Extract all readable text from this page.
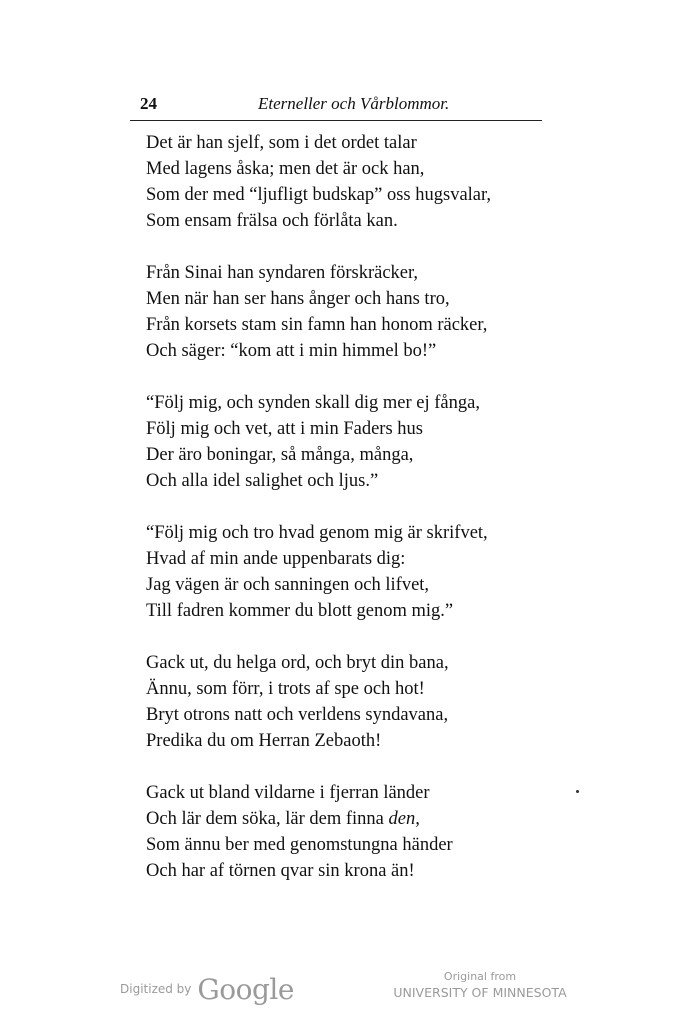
24	Eterneller och Vårblommor.
Det är han sjelf, som i det ordet talar
Med lagens åska; men det är ock han,
Som der med “ljufligt budskap” oss hugsvalar,
Som ensam frälsa och förlåta kan.
Från Sinai han syndaren förskräcker,
Men när han ser hans ånger och hans tro,
Från korsets stam sin famn han honom räcker,
Och säger: “kom att i min himmel bo!”
“Följ mig, och synden skall dig mer ej fånga,
Följ mig och vet, att i min Faders hus
Der äro boningar, så många, många,
Och alla idel salighet och ljus.”
“Följ mig och tro hvad genom mig är skrifvet,
Hvad af min ande uppenbarats dig:
Jag vägen är och sanningen och lifvet,
Till fadren kommer du blott genom mig.”
Gack ut, du helga ord, och bryt din bana,
Ännu, som förr, i trots af spe och hot!
Bryt otrons natt och verldens syndavana,
Predika du om Herran Zebaoth!
Gack ut bland vildarne i fjerran länder
Och lär dem söka, lär dem finna den,
Som ännu ber med genomstungna händer
Och har af törnen qvar sin krona än!
Digitized by Google	Original from
UNIVERSITY OF MINNESOTA
